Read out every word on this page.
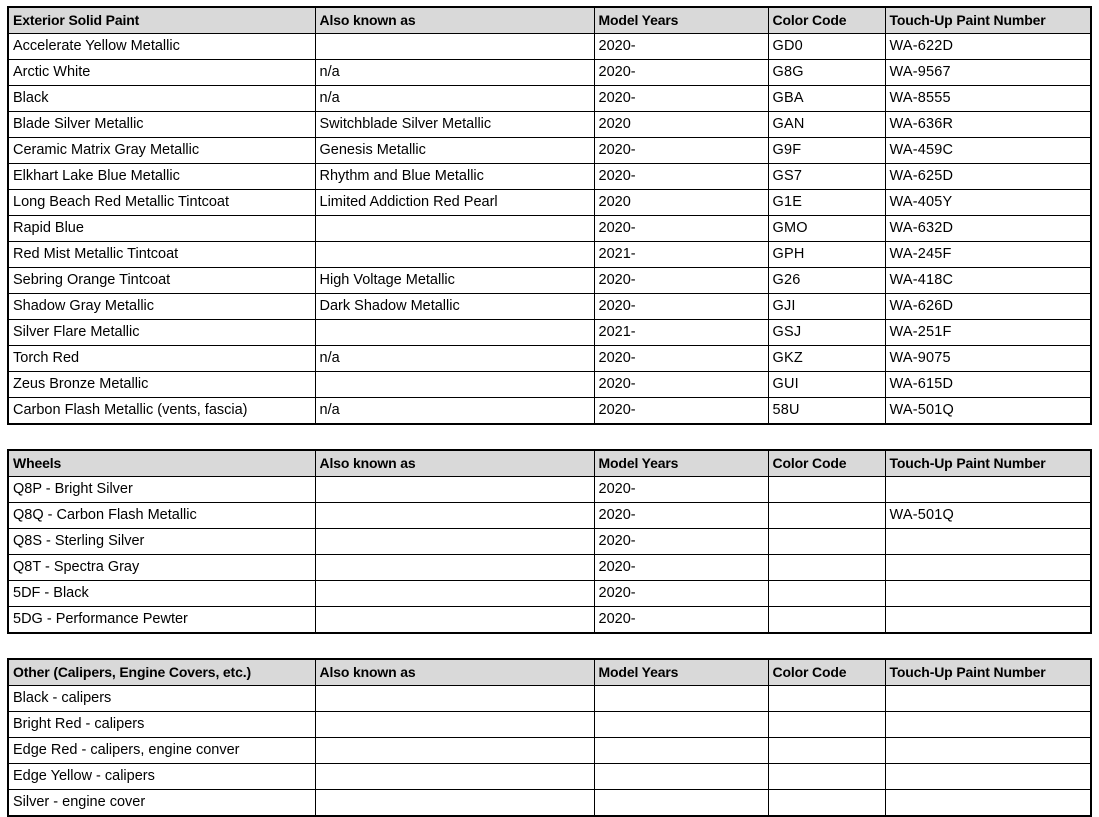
Exterior Solid Paint	Also known as	Model Years	Color Code	Touch-Up Paint Number
Accelerate Yellow Metallic		2020-	GD0	WA-622D
Arctic White	n/a	2020-	G8G	WA-9567
Black	n/a	2020-	GBA	WA-8555
Blade Silver Metallic	Switchblade Silver Metallic	2020	GAN	WA-636R
Ceramic Matrix Gray Metallic	Genesis Metallic	2020-	G9F	WA-459C
Elkhart Lake Blue Metallic	Rhythm and Blue Metallic	2020-	GS7	WA-625D
Long Beach Red Metallic Tintcoat	Limited Addiction Red Pearl	2020	G1E	WA-405Y
Rapid Blue		2020-	GMO	WA-632D
Red Mist Metallic Tintcoat		2021-	GPH	WA-245F
Sebring Orange Tintcoat	High Voltage Metallic	2020-	G26	WA-418C
Shadow Gray Metallic	Dark Shadow Metallic	2020-	GJI	WA-626D
Silver Flare Metallic		2021-	GSJ	WA-251F
Torch Red	n/a	2020-	GKZ	WA-9075
Zeus Bronze Metallic		2020-	GUI	WA-615D
Carbon Flash Metallic (vents, fascia)	n/a	2020-	58U	WA-501Q
Wheels	Also known as	Model Years	Color Code	Touch-Up Paint Number
Q8P - Bright Silver		2020-		
Q8Q - Carbon Flash Metallic		2020-		WA-501Q
Q8S - Sterling Silver		2020-		
Q8T - Spectra Gray		2020-		
5DF - Black		2020-		
5DG - Performance Pewter		2020-		
Other (Calipers, Engine Covers, etc.)	Also known as	Model Years	Color Code	Touch-Up Paint Number
Black - calipers				
Bright Red - calipers				
Edge Red - calipers, engine conver				
Edge Yellow - calipers				
Silver - engine cover				
